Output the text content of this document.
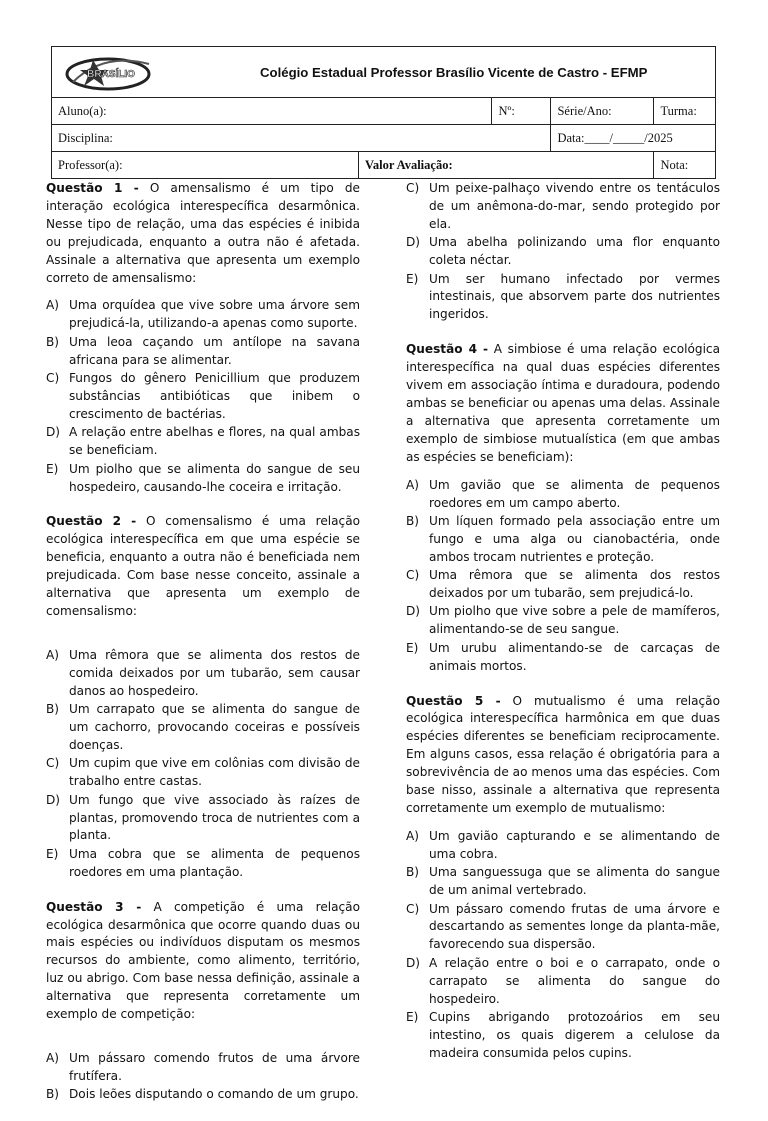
Colégio Estadual Professor Brasílio Vicente de Castro - EFMP				
Aluno(a):		Nº:	Série/Ano:	Turma:
Disciplina:			Data:____/_____/2025	
Professor(a):	Valor Avaliação:			Nota:
BRASÍLIO

Questão 1 - O amensalismo é um tipo de interação ecológica interespecífica desarmônica. Nesse tipo de relação, uma das espécies é inibida ou prejudicada, enquanto a outra não é afetada. Assinale a alternativa que apresenta um exemplo correto de amensalismo:

A) Uma orquídea que vive sobre uma árvore sem prejudicá-la, utilizando-a apenas como suporte.
B) Uma leoa caçando um antílope na savana africana para se alimentar.
C) Fungos do gênero Penicillium que produzem substâncias antibióticas que inibem o crescimento de bactérias.
D) A relação entre abelhas e flores, na qual ambas se beneficiam.
E) Um piolho que se alimenta do sangue de seu hospedeiro, causando-lhe coceira e irritação.

Questão 2 - O comensalismo é uma relação ecológica interespecífica em que uma espécie se beneficia, enquanto a outra não é beneficiada nem prejudicada. Com base nesse conceito, assinale a alternativa que apresenta um exemplo de comensalismo:

A) Uma rêmora que se alimenta dos restos de comida deixados por um tubarão, sem causar danos ao hospedeiro.
B) Um carrapato que se alimenta do sangue de um cachorro, provocando coceiras e possíveis doenças.
C) Um cupim que vive em colônias com divisão de trabalho entre castas.
D) Um fungo que vive associado às raízes de plantas, promovendo troca de nutrientes com a planta.
E) Uma cobra que se alimenta de pequenos roedores em uma plantação.

Questão 3 - A competição é uma relação ecológica desarmônica que ocorre quando duas ou mais espécies ou indivíduos disputam os mesmos recursos do ambiente, como alimento, território, luz ou abrigo. Com base nessa definição, assinale a alternativa que representa corretamente um exemplo de competição:

A) Um pássaro comendo frutos de uma árvore frutífera.
B) Dois leões disputando o comando de um grupo.
C) Um peixe-palhaço vivendo entre os tentáculos de um anêmona-do-mar, sendo protegido por ela.
D) Uma abelha polinizando uma flor enquanto coleta néctar.
E) Um ser humano infectado por vermes intestinais, que absorvem parte dos nutrientes ingeridos.

Questão 4 - A simbiose é uma relação ecológica interespecífica na qual duas espécies diferentes vivem em associação íntima e duradoura, podendo ambas se beneficiar ou apenas uma delas. Assinale a alternativa que apresenta corretamente um exemplo de simbiose mutualística (em que ambas as espécies se beneficiam):

A) Um gavião que se alimenta de pequenos roedores em um campo aberto.
B) Um líquen formado pela associação entre um fungo e uma alga ou cianobactéria, onde ambos trocam nutrientes e proteção.
C) Uma rêmora que se alimenta dos restos deixados por um tubarão, sem prejudicá-lo.
D) Um piolho que vive sobre a pele de mamíferos, alimentando-se de seu sangue.
E) Um urubu alimentando-se de carcaças de animais mortos.

Questão 5 - O mutualismo é uma relação ecológica interespecífica harmônica em que duas espécies diferentes se beneficiam reciprocamente. Em alguns casos, essa relação é obrigatória para a sobrevivência de ao menos uma das espécies. Com base nisso, assinale a alternativa que representa corretamente um exemplo de mutualismo:

A) Um gavião capturando e se alimentando de uma cobra.
B) Uma sanguessuga que se alimenta do sangue de um animal vertebrado.
C) Um pássaro comendo frutas de uma árvore e descartando as sementes longe da planta-mãe, favorecendo sua dispersão.
D) A relação entre o boi e o carrapato, onde o carrapato se alimenta do sangue do hospedeiro.
E) Cupins abrigando protozoários em seu intestino, os quais digerem a celulose da madeira consumida pelos cupins.
